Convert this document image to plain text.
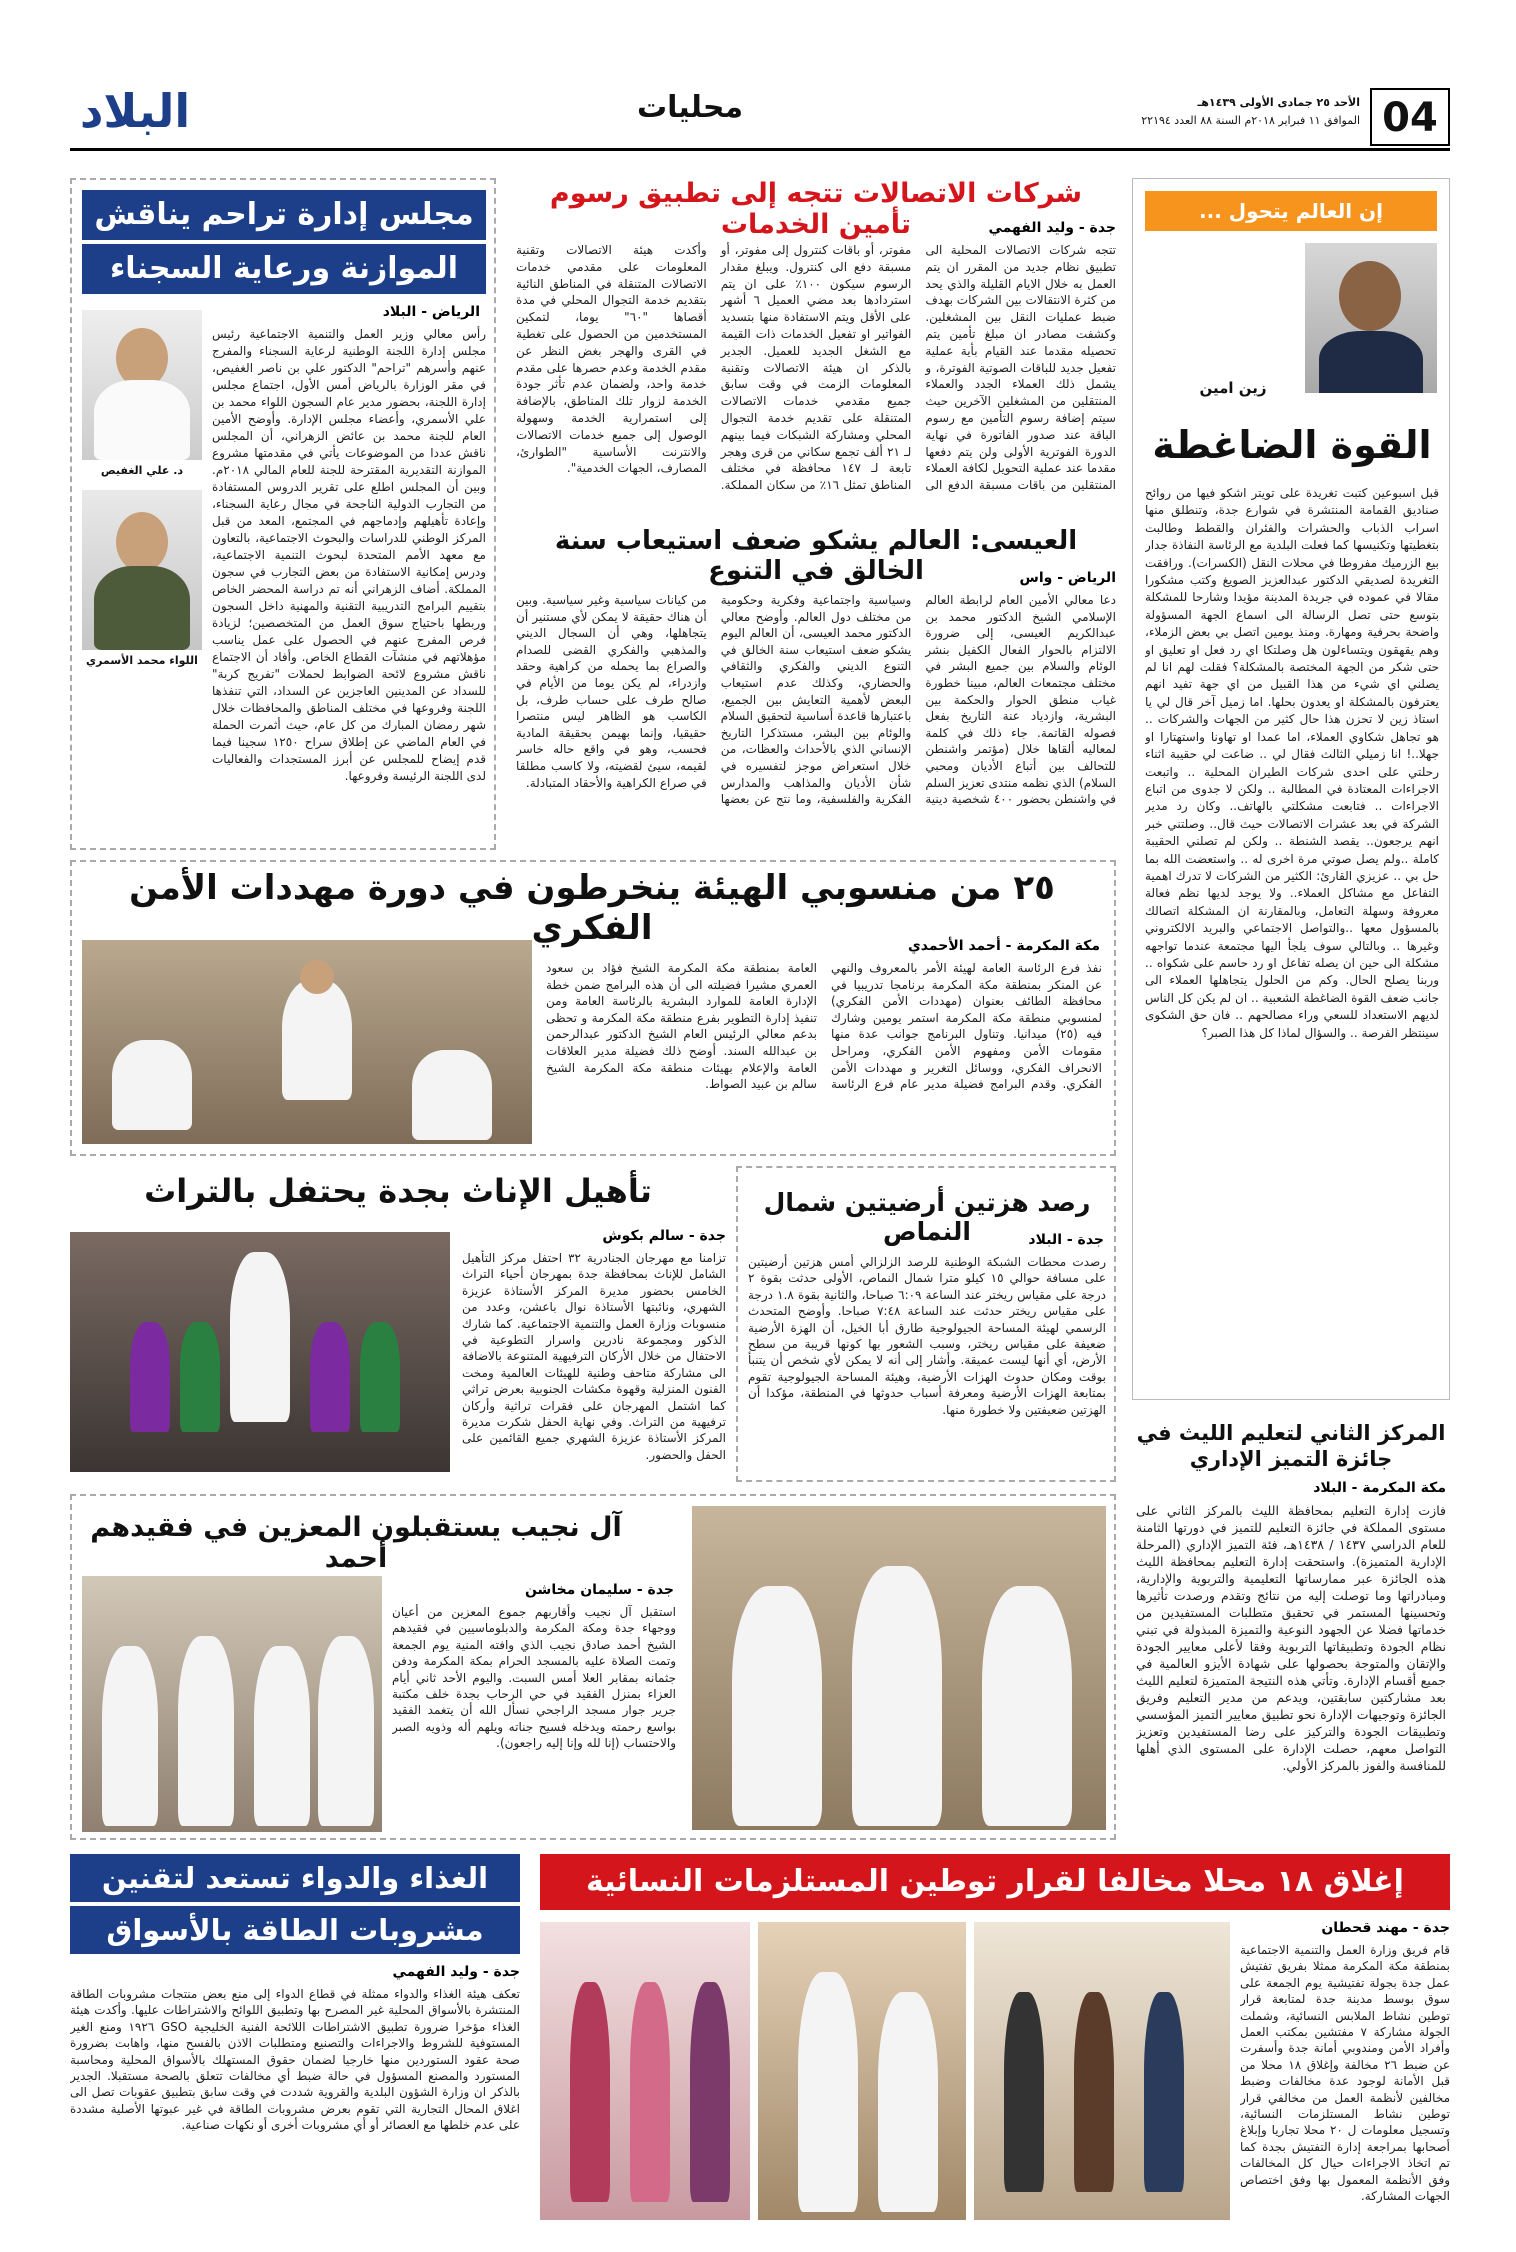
04
الأحد ٢٥ جمادى الأولى ١٤٣٩هـ
الموافق ١١ فبراير ٢٠١٨م السنة ٨٨ العدد ٢٢١٩٤
محليات
البلاد
إن العالم يتحول ...
زين امين
القوة الضاغطة
قبل اسبوعين كتبت تغريدة على تويتر اشكو فيها من روائح صناديق القمامة المنتشرة في شوارع جدة، وتنطلق منها اسراب الذباب والحشرات والفئران والقطط وطالبت بتغطيتها وتكنيسها كما فعلت البلدية مع الرئاسة النفاذة جدار بيع الزرميك مفروطا في محلات النقل (الكسرات). ورافقت التغريدة لصديقي الدكتور عبدالعزيز الصويغ وكتب مشكورا مقالا في عموده في جريدة المدينة مؤيدا وشارحا للمشكلة بتوسع حتى تصل الرسالة الى اسماع الجهة المسؤولة واضحة بحرفية ومهارة. ومنذ يومين اتصل بي بعض الزملاء، وهم يقهقون ويتساءلون هل وصلتكا اي رد فعل او تعليق او حتى شكر من الجهة المختصة بالمشكلة؟ فقلت لهم انا لم يصلني اي شيء من هذا القبيل من اي جهة تفيد انهم يعترفون بالمشكلة او يعدون بحلها. اما زميل آخر قال لي يا استاذ زين لا تحزن هذا حال كثير من الجهات والشركات .. هو تجاهل شكاوي العملاء، اما عمدا او تهاونا واستهتارا او جهلا..! انا زميلي الثالث فقال لي .. ضاعت لي حقيبة اثناء رحلتي على احدى شركات الطيران المحلية .. واتبعت الاجراءات المعتادة في المطالبة .. ولكن لا جدوى من اتباع الاجراءات .. فتابعت مشكلتي بالهاتف.. وكان رد مدير الشركة في بعد عشرات الاتصالات حيث قال.. وصلتني خبر انهم يرجعون.. يقصد الشنطة .. ولكن لم تصلني الحقيبة كاملة ..ولم يصل صوتي مرة اخرى له .. واستعضت الله بما حل بي .. عزيزي القارئ: الكثير من الشركات لا تدرك اهمية التفاعل مع مشاكل العملاء.. ولا يوجد لديها نظم فعالة معروفة وسهلة التعامل، وبالمقارنة ان المشكلة اتصالك بالمسؤول معها ..والتواصل الاجتماعي والبريد الالكتروني وغيرها .. وبالتالي سوف يلجأ اليها مجتمعة عندما تواجهه مشكلة الى حين ان يصله تفاعل او رد حاسم على شكواه .. وربنا يصلح الحال. وكم من الحلول يتجاهلها العملاء الى جانب ضعف القوة الضاغطة الشعبية .. ان لم يكن كل الناس لديهم الاستعداد للسعي وراء مصالحهم .. فان حق الشكوى سينتظر الفرصة .. والسؤال لماذا كل هذا الصبر؟
المركز الثاني لتعليم الليث في جائزة التميز الإداري
مكة المكرمة - البلاد
فازت إدارة التعليم بمحافظة الليث بالمركز الثاني على مستوى المملكة في جائزة التعليم للتميز في دورتها الثامنة للعام الدراسي ١٤٣٧ / ١٤٣٨هـ، فئة التميز الإداري (المرحلة الإدارية المتميزة). واستحقت إدارة التعليم بمحافظة الليث هذه الجائزة عبر ممارساتها التعليمية والتربوية والإدارية، ومبادراتها وما توصلت إليه من نتائج وتقدم ورصدت تأثيرها وتحسينها المستمر في تحقيق متطلبات المستفيدين من خدماتها فضلا عن الجهود النوعية والتميزة المبذولة في تبني نظام الجودة وتطبيقاتها التربوية وفقا لأعلى معايير الجودة والإتقان والمتوجة بحصولها على شهادة الأيزو العالمية في جميع أقسام الإدارة. وتأتي هذه النتيجة المتميزة لتعليم الليث بعد مشاركتين سابقتين، ويدعم من مدير التعليم وفريق الجائزة وتوجيهات الإدارة نحو تطبيق معايير التميز المؤسسي وتطبيقات الجودة والتركيز على رضا المستفيدين وتعزيز التواصل معهم، حصلت الإدارة على المستوى الذي أهلها للمنافسة والفوز بالمركز الأولي.
مجلس إدارة تراحم يناقش
الموازنة ورعاية السجناء
الرياض - البلاد
د. علي الغفيص
اللواء محمد الأسمري
رأس معالي وزير العمل والتنمية الاجتماعية رئيس مجلس إدارة اللجنة الوطنية لرعاية السجناء والمفرج عنهم وأسرهم "تراحم" الدكتور علي بن ناصر الغفيص، في مقر الوزارة بالرياض أمس الأول، اجتماع مجلس إدارة اللجنة، بحضور مدير عام السجون اللواء محمد بن علي الأسمري، وأعضاء مجلس الإدارة. وأوضح الأمين العام للجنة محمد بن عائض الزهراني، أن المجلس ناقش عددا من الموضوعات يأتي في مقدمتها مشروع الموازنة التقديرية المقترحة للجنة للعام المالي ٢٠١٨م. وبين أن المجلس اطلع على تقرير الدروس المستفادة من التجارب الدولية الناجحة في مجال رعاية السجناء، وإعادة تأهيلهم وإدماجهم في المجتمع، المعد من قبل المركز الوطني للدراسات والبحوث الاجتماعية، بالتعاون مع معهد الأمم المتحدة لبحوث التنمية الاجتماعية، ودرس إمكانية الاستفادة من بعض التجارب في سجون المملكة. أضاف الزهراني أنه تم دراسة المحضر الخاص بتقييم البرامج التدريبية التقنية والمهنية داخل السجون وربطها باحتياج سوق العمل من المتخصصين؛ لزيادة فرص المفرج عنهم في الحصول على عمل يناسب مؤهلاتهم في منشآت القطاع الخاص. وأفاد أن الاجتماع ناقش مشروع لائحة الضوابط لحملات "تفريج كربة" للسداد عن المدينين العاجزين عن السداد، التي تنفذها اللجنة وفروعها في مختلف المناطق والمحافظات خلال شهر رمضان المبارك من كل عام، حيث أثمرت الحملة في العام الماضي عن إطلاق سراح ١٢٥٠ سجينا فيما قدم إيضاح للمجلس عن أبرز المستجدات والفعاليات لدى اللجنة الرئيسة وفروعها.
شركات الاتصالات تتجه إلى تطبيق رسوم تأمين الخدمات	جدة - وليد الفهمي
تتجه شركات الاتصالات المحلية الى تطبيق نظام جديد من المقرر ان يتم العمل به خلال الايام القليلة والذي يحد من كثرة الانتقالات بين الشركات بهدف ضبط عمليات النقل بين المشغلين. وكشفت مصادر ان مبلغ تأمين يتم تحصيله مقدما عند القيام بأية عملية تفعيل جديد للباقات الصوتية الفوترة، و يشمل ذلك العملاء الجدد والعملاء المنتقلين من المشغلين الآخرين حيث سيتم إضافة رسوم التأمين مع رسوم الباقة عند صدور الفاتورة في نهاية الدورة الفوترية الأولى ولن يتم دفعها مقدما عند عملية التحويل لكافة العملاء المنتقلين من باقات مسبقة الدفع الى مفوتر، أو باقات كنترول إلى مفوتر، أو مسبقة دفع الى كنترول. ويبلغ مقدار الرسوم سيكون ١٠٠٪ على ان يتم استردادها بعد مضي العميل ٦ أشهر على الأقل ويتم الاستفادة منها بتسديد الفواتير او تفعيل الخدمات ذات القيمة مع الشغل الجديد للعميل. الجدير بالذكر ان هيئة الاتصالات وتقنية المعلومات الزمت في وقت سابق جميع مقدمي خدمات الاتصالات المتنقلة على تقديم خدمة التجوال المحلي ومشاركة الشبكات فيما بينهم لـ ٢١ ألف تجمع سكاني من قرى وهجر تابعة لـ ١٤٧ محافظة في مختلف المناطق تمثل ١٦٪ من سكان المملكة. وأكدت هيئة الاتصالات وتقنية المعلومات على مقدمي خدمات الاتصالات المتنقلة في المناطق النائية بتقديم خدمة التجوال المحلي في مدة أقصاها "٦٠" يوما، لتمكين المستخدمين من الحصول على تغطية في القرى والهجر بغض النظر عن مقدم الخدمة وعدم حصرها على مقدم خدمة واحد، ولضمان عدم تأثر جودة الخدمة لزوار تلك المناطق، بالإضافة إلى استمرارية الخدمة وسهولة الوصول إلى جميع خدمات الاتصالات والانترنت الأساسية "الطوارئ، المصارف، الجهات الخدمية".
العيسى: العالم يشكو ضعف استيعاب سنة الخالق في التنوع	الرياض - واس
دعا معالي الأمين العام لرابطة العالم الإسلامي الشيخ الدكتور محمد بن عبدالكريم العيسى، إلى ضرورة الالتزام بالحوار الفعال الكفيل بنشر الوئام والسلام بين جميع البشر في مختلف مجتمعات العالم، مبينا خطورة غياب منطق الحوار والحكمة بين البشرية، وازدياد عنة التاريخ بفعل فصوله القاتمة. جاء ذلك في كلمة لمعاليه ألقاها خلال (مؤتمر واشنطن للتحالف بين أتباع الأديان ومحبي السلام) الذي نظمه منتدى تعزيز السلم في واشنطن بحضور ٤٠٠ شخصية دينية وسياسية واجتماعية وفكرية وحكومية من مختلف دول العالم. وأوضح معالي الدكتور محمد العيسى، أن العالم اليوم يشكو ضعف استيعاب سنة الخالق في التنوع الديني والفكري والثقافي والحضاري، وكذلك عدم استيعاب البعض لأهمية التعايش بين الجميع، باعتبارها قاعدة أساسية لتحقيق السلام والوئام بين البشر، مستذكرا التاريخ الإنساني الذي بالأحداث والعظات، من خلال استعراض موجز لتفسيره في شأن الأديان والمذاهب والمدارس الفكرية والفلسفية، وما نتج عن بعضها من كيانات سياسية وغير سياسية. وبين أن هناك حقيقة لا يمكن لأي مستنير أن يتجاهلها، وهي أن السجال الديني والمذهبي والفكري القضى للصدام والصراع بما يحمله من كراهية وحقد وازدراء، لم يكن يوما من الأيام في صالح طرف على حساب طرف، بل الكاسب هو الظاهر ليس منتصرا حقيقيا، وإنما بهيمن بحقيقة المادية فحسب، وهو في واقع حاله خاسر لقيمه، سيئ لقضيته، ولا كاسب مطلقا في صراع الكراهية والأحقاد المتبادلة.
٢٥ من منسوبي الهيئة ينخرطون في دورة مهددات الأمن الفكري	مكة المكرمة - أحمد الأحمدي
نفذ فرع الرئاسة العامة لهيئة الأمر بالمعروف والنهي عن المنكر بمنطقة مكة المكرمة برنامجا تدريبيا في محافظة الطائف بعنوان (مهددات الأمن الفكري) لمنسوبي منطقة مكة المكرمة استمر يومين وشارك فيه (٢٥) ميدانيا. وتناول البرنامج جوانب عدة منها مقومات الأمن ومفهوم الأمن الفكري، ومراحل الانحراف الفكري، ووسائل التغرير و مهددات الأمن الفكري. وقدم البرامج فضيلة مدير عام فرع الرئاسة العامة بمنطقة مكة المكرمة الشيخ فؤاد بن سعود العمري مشيرا فضيلته الى أن هذه البرامج ضمن خطة الإدارة العامة للموارد البشرية بالرئاسة العامة ومن تنفيذ إدارة التطوير بفرع منطقة مكة المكرمة و تحظى بدعم معالي الرئيس العام الشيخ الدكتور عبدالرحمن بن عبدالله السند. أوضح ذلك فضيلة مدير العلاقات العامة والإعلام بهيئات منطقة مكة المكرمة الشيخ سالم بن عبيد الصواط.
رصد هزتين أرضيتين شمال النماص	جدة - البلاد
رصدت محطات الشبكة الوطنية للرصد الزلزالي أمس هزتين أرضيتين على مسافة حوالي ١٥ كيلو مترا شمال النماص، الأولى حدثت بقوة ٢ درجة على مقياس ريختر عند الساعة ٦:٠٩ صباحا، والثانية بقوة ١.٨ درجة على مقياس ريختر حدثت عند الساعة ٧:٤٨ صباحا. وأوضح المتحدث الرسمي لهيئة المساحة الجيولوجية طارق أبا الخيل، أن الهزة الأرضية ضعيفة على مقياس ريختر، وسبب الشعور بها كونها قريبة من سطح الأرض، أي أنها ليست عميقة. وأشار إلى أنه لا يمكن لأي شخص أن يتنبأ بوقت ومكان حدوث الهزات الأرضية، وهيئة المساحة الجيولوجية تقوم بمتابعة الهزات الأرضية ومعرفة أسباب حدوثها في المنطقة، مؤكدا أن الهزتين ضعيفتين ولا خطورة منها.
تأهيل الإناث بجدة يحتفل بالتراث
جدة - سالم بكوش
تزامنا مع مهرجان الجنادرية ٣٢ احتفل مركز التأهيل الشامل للإناث بمحافظة جدة بمهرجان أحياء التراث الخامس بحضور مديرة المركز الأستاذة عزيزة الشهري، ونائبتها الأستاذة نوال باعشن، وعدد من منسوبات وزارة العمل والتنمية الاجتماعية. كما شارك الذكور ومجموعة نادرين واسرار التطوعية في الاحتفال من خلال الأركان الترفيهية المتنوعة بالاضافة الى مشاركة متاحف وطنية للهيئات العالمية ومخت الفنون المنزلية وقهوة مكشات الجنوبية بعرض تراثي كما اشتمل المهرجان على فقرات تراثية وأركان ترفيهية من التراث. وفي نهاية الحفل شكرت مديرة المركز الأستاذة عزيزة الشهري جميع القائمين على الحفل والحضور.
آل نجيب يستقبلون المعزين في فقيدهم أحمد
جدة - سليمان مخاشن
استقبل آل نجيب وأقاربهم جموع المعزين من أعيان ووجهاء جدة ومكة المكرمة والدبلوماسيين في فقيدهم الشيخ أحمد صادق نجيب الذي وافته المنية يوم الجمعة وتمت الصلاة عليه بالمسجد الحرام بمكة المكرمة ودفن جثمانه بمقابر العلا أمس السبت. واليوم الأحد ثاني أيام العزاء بمنزل الفقيد في حي الرحاب بجدة خلف مكتبة جرير جوار مسجد الراجحي نسأل الله أن يتغمد الفقيد بواسع رحمته ويدخله فسيح جناته ويلهم أله وذويه الصبر والاحتساب (إنا لله وإنا إليه راجعون).
الغذاء والدواء تستعد لتقنين
مشروبات الطاقة بالأسواق
جدة - وليد الفهمي
تعكف هيئة الغذاء والدواء ممثلة في قطاع الدواء إلى منع بعض منتجات مشروبات الطاقة المنتشرة بالأسواق المحلية غير المصرح بها وتطبيق اللوائح والاشتراطات عليها. وأكدت هيئة الغذاء مؤخرا ضرورة تطبيق الاشتراطات اللائحة الفنية الخليجية GSO ١٩٢٦ ومنع الغير المستوفية للشروط والاجراءات والتصنيع ومتطلبات الاذن بالفسح منها، واهابت بضرورة صحة عقود الستوردين منها خارجيا لضمان حقوق المستهلك بالأسواق المحلية ومحاسبة المستورد والمصنع المسؤول في حالة ضبط أي مخالفات تتعلق بالصحة مستقبلا. الجدير بالذكر ان وزارة الشؤون البلدية والقروية شددت في وقت سابق بتطبيق عقوبات تصل الى اغلاق المحال التجارية التي تقوم بعرض مشروبات الطاقة في غير عبوتها الأصلية مشددة على عدم خلطها مع العصائر أو أي مشروبات أخرى أو نكهات صناعية.
إغلاق ١٨ محلا مخالفا لقرار توطين المستلزمات النسائية
جدة - مهند قحطان
قام فريق وزارة العمل والتنمية الاجتماعية بمنطقة مكة المكرمة ممثلا بفريق تفتيش عمل جدة بجولة تفتيشية يوم الجمعة على سوق بوسط مدينة جدة لمتابعة قرار توطين نشاط الملابس النسائية، وشملت الجولة مشاركة ٧ مفتشين بمكتب العمل وأفراد الأمن ومندوبي أمانة جدة وأسفرت عن ضبط ٢٦ مخالفة وإغلاق ١٨ محلا من قبل الأمانة لوجود عدة مخالفات وضبط مخالفين لأنظمة العمل من مخالفي قرار توطين نشاط المستلزمات النسائية، وتسجيل معلومات ل ٢٠ محلا تجاريا وإبلاغ أصحابها بمراجعة إدارة التفتيش بجدة كما تم اتخاذ الاجراءات حيال كل المخالفات وفق الأنظمة المعمول بها وفق اختصاص الجهات المشاركة.
